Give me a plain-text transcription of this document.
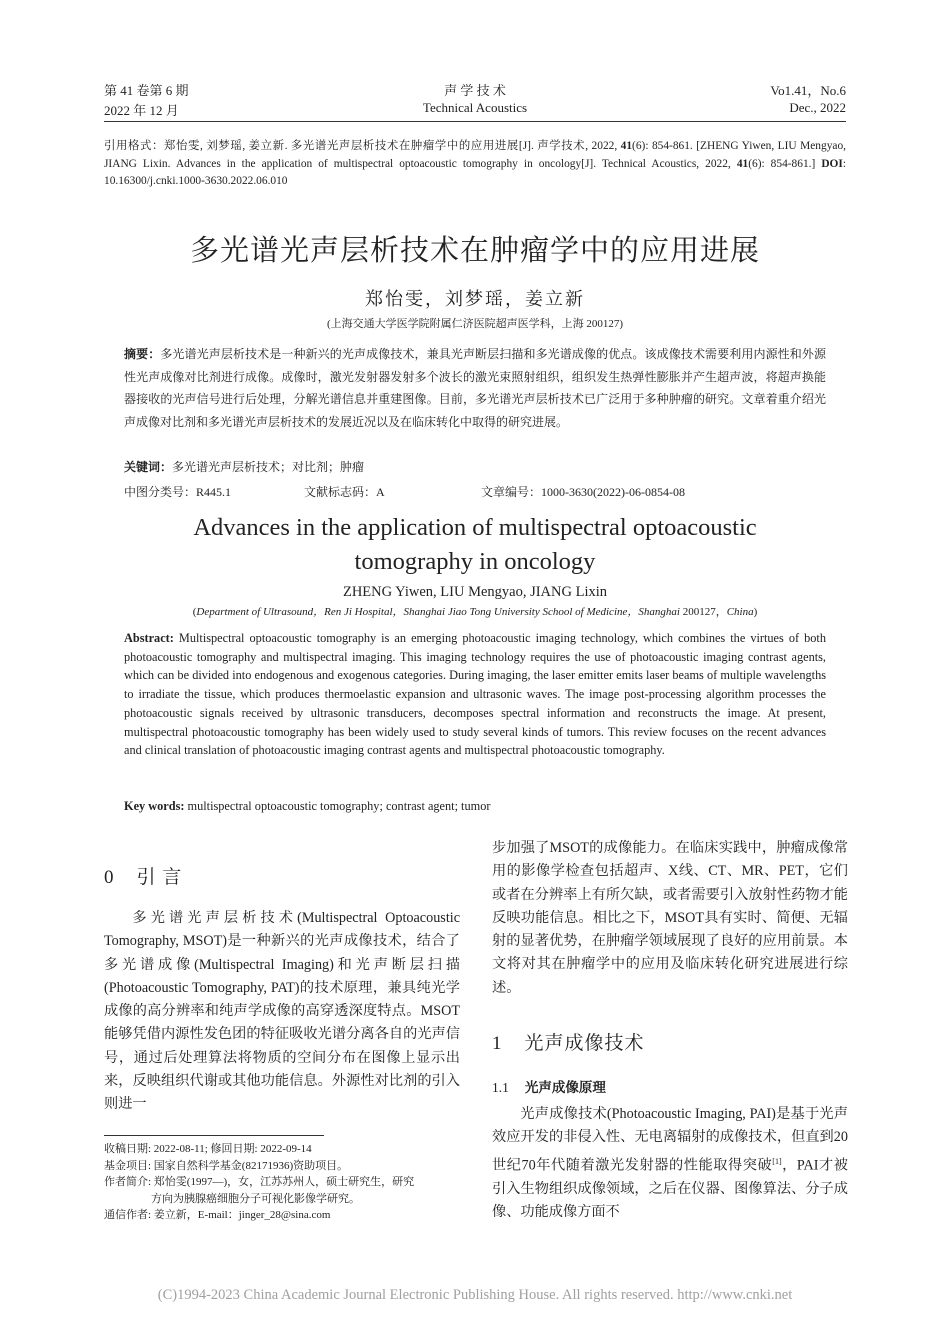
第 41 卷第 6 期	声 学 技 术	Vo1.41，No.6
2022 年 12 月	Technical Acoustics	Dec., 2022
引用格式：郑怡雯, 刘梦瑶, 姜立新. 多光谱光声层析技术在肿瘤学中的应用进展[J]. 声学技术, 2022, 41(6): 854-861. [ZHENG Yiwen, LIU Mengyao, JIANG Lixin. Advances in the application of multispectral optoacoustic tomography in oncology[J]. Technical Acoustics, 2022, 41(6): 854-861.] DOI: 10.16300/j.cnki.1000-3630.2022.06.010
多光谱光声层析技术在肿瘤学中的应用进展
郑怡雯，刘梦瑶，姜立新
(上海交通大学医学院附属仁济医院超声医学科，上海 200127)
摘要：多光谱光声层析技术是一种新兴的光声成像技术，兼具光声断层扫描和多光谱成像的优点。该成像技术需要利用内源性和外源性光声成像对比剂进行成像。成像时，激光发射器发射多个波长的激光束照射组织，组织发生热弹性膨胀并产生超声波，将超声换能器接收的光声信号进行后处理，分解光谱信息并重建图像。目前，多光谱光声层析技术已广泛用于多种肿瘤的研究。文章着重介绍光声成像对比剂和多光谱光声层析技术的发展近况以及在临床转化中取得的研究进展。
关键词：多光谱光声层析技术；对比剂；肿瘤
中图分类号：R445.1	文献标志码：A	文章编号：1000-3630(2022)-06-0854-08
Advances in the application of multispectral optoacoustic
tomography in oncology
ZHENG Yiwen, LIU Mengyao, JIANG Lixin
(Department of Ultrasound，Ren Ji Hospital，Shanghai Jiao Tong University School of Medicine，Shanghai 200127，China)
Abstract: Multispectral optoacoustic tomography is an emerging photoacoustic imaging technology, which combines the virtues of both photoacoustic tomography and multispectral imaging. This imaging technology requires the use of photoacoustic imaging contrast agents, which can be divided into endogenous and exogenous categories. During imaging, the laser emitter emits laser beams of multiple wavelengths to irradiate the tissue, which produces thermoelastic expansion and ultrasonic waves. The image post-processing algorithm processes the photoacoustic signals received by ultrasonic transducers, decomposes spectral information and reconstructs the image. At present, multispectral photoacoustic tomography has been widely used to study several kinds of tumors. This review focuses on the recent advances and clinical translation of photoacoustic imaging contrast agents and multispectral photoacoustic tomography.
Key words: multispectral optoacoustic tomography; contrast agent; tumor
0 引 言

多光谱光声层析技术(Multispectral Optoacoustic Tomography, MSOT)是一种新兴的光声成像技术，结合了多光谱成像(Multispectral Imaging)和光声断层扫描(Photoacoustic Tomography, PAT)的技术原理，兼具纯光学成像的高分辨率和纯声学成像的高穿透深度特点。MSOT能够凭借内源性发色团的特征吸收光谱分离各自的光声信号，通过后处理算法将物质的空间分布在图像上显示出来，反映组织代谢或其他功能信息。外源性对比剂的引入则进一

收稿日期: 2022-08-11; 修回日期: 2022-09-14
基金项目: 国家自然科学基金(82171936)资助项目。
作者简介: 郑怡雯(1997—)，女，江苏苏州人，硕士研究生，研究
方向为胰腺癌细胞分子可视化影像学研究。
通信作者: 姜立新，E-mail：jinger_28@sina.com

步加强了MSOT的成像能力。在临床实践中，肿瘤成像常用的影像学检查包括超声、X线、CT、MR、PET，它们或者在分辨率上有所欠缺，或者需要引入放射性药物才能反映功能信息。相比之下，MSOT具有实时、简便、无辐射的显著优势，在肿瘤学领域展现了良好的应用前景。本文将对其在肿瘤学中的应用及临床转化研究进展进行综述。

1 光声成像技术
1.1 光声成像原理

光声成像技术(Photoacoustic Imaging, PAI)是基于光声效应开发的非侵入性、无电离辐射的成像技术，但直到20世纪70年代随着激光发射器的性能取得突破[1]，PAI才被引入生物组织成像领域，之后在仪器、图像算法、分子成像、功能成像方面不

(C)1994-2023 China Academic Journal Electronic Publishing House. All rights reserved. http://www.cnki.net
